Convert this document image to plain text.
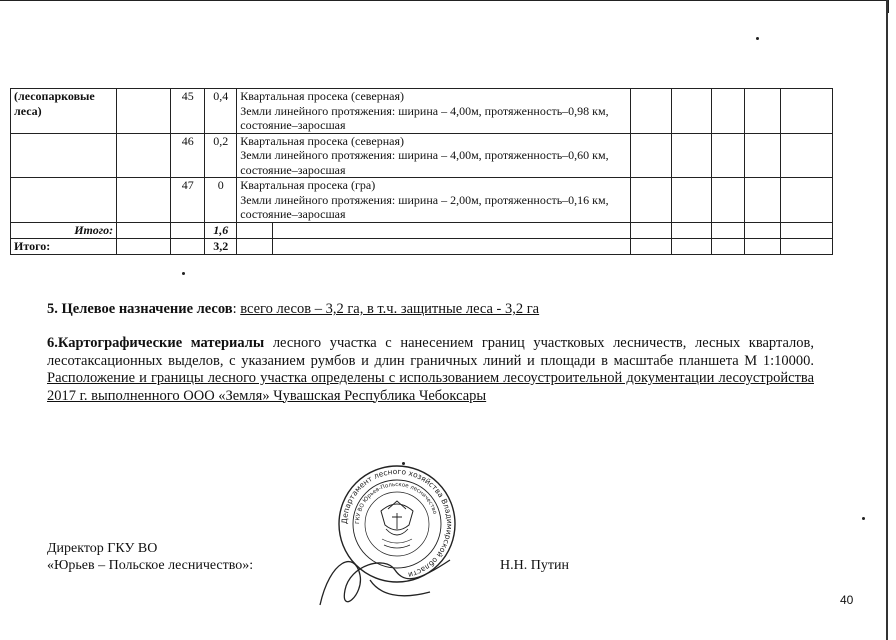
(лесопарковые леса)		45	0,4	Квартальная просека (северная)
Земли линейного протяжения: ширина – 4,00м, протяженность–0,98 км, состояние–заросшая						

		46	0,2	Квартальная просека (северная)
Земли линейного протяжения: ширина – 4,00м, протяженность–0,60 км, состояние–заросшая						

		47	0	Квартальная просека (гра)
Земли линейного протяжения: ширина – 2,00м, протяженность–0,16 км, состояние–заросшая						

Итого:			1,6							
Итого:			3,2							
5. Целевое назначение лесов: всего лесов – 3,2 га, в т.ч. защитные леса - 3,2 га
6.Картографические материалы лесного участка с нанесением границ участковых лесничеств, лесных кварталов, лесотаксационных выделов, с указанием румбов и длин граничных линий и площади в масштабе планшета М 1:10000. Расположение и границы лесного участка определены с использованием лесоустроительной документации лесоустройства 2017 г. выполненного ООО «Земля» Чувашская Республика Чебоксары
Директор ГКУ ВО
«Юрьев – Польское лесничество»:	Н.Н. Путин
Департамент лесного хозяйства Владимирской области
ГКУ ВО Юрьев-Польское лесничество
40
